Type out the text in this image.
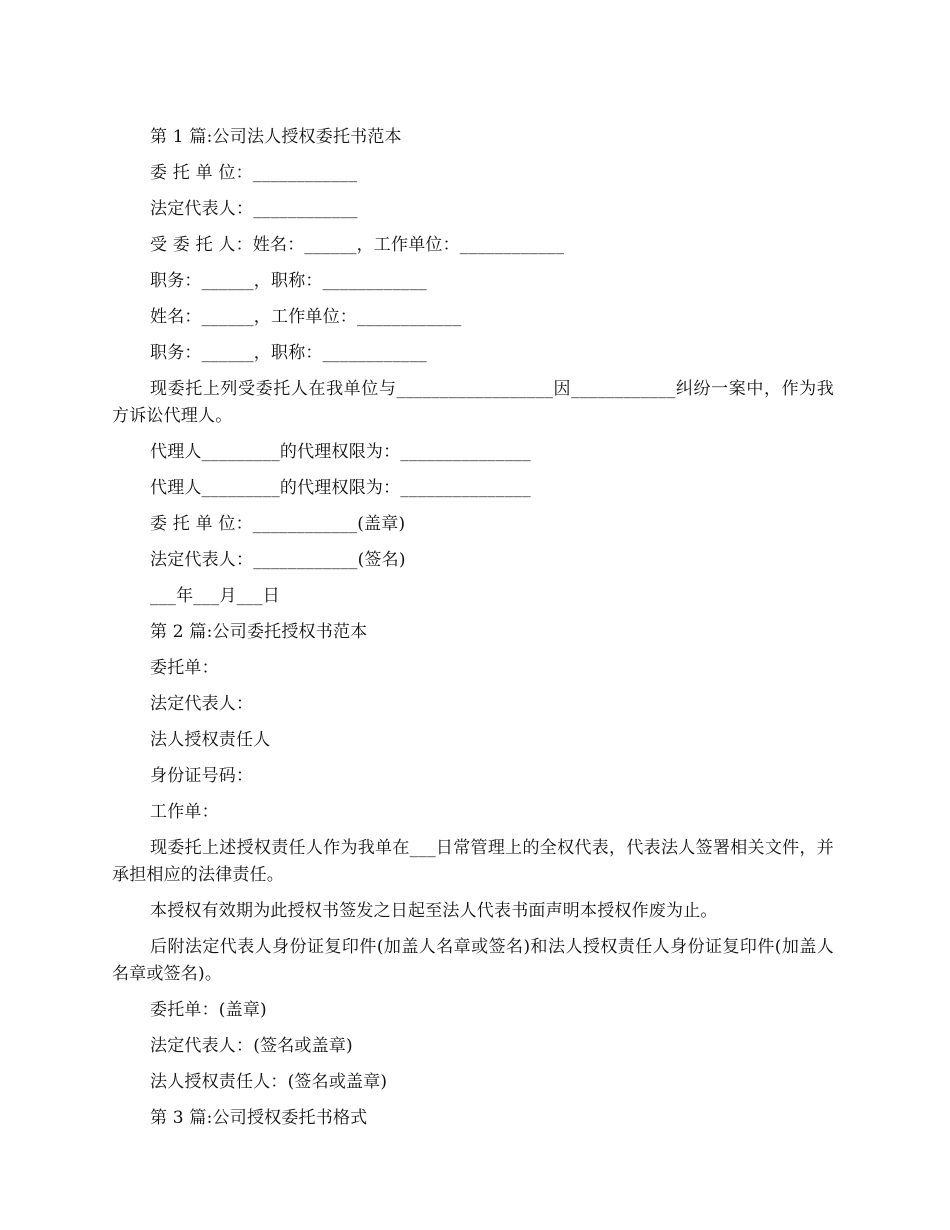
第 1 篇:公司法人授权委托书范本

委 托 单 位：____________

法定代表人：____________

受 委 托 人：姓名：______，工作单位：____________

职务：______，职称：____________

姓名：______，工作单位：____________

职务：______，职称：____________

现委托上列受委托人在我单位与__________________因____________纠纷一案中，作为我方诉讼代理人。

代理人_________的代理权限为：_______________

代理人_________的代理权限为：_______________

委 托 单 位：____________(盖章)

法定代表人：____________(签名)

___年___月___日

第 2 篇:公司委托授权书范本

委托单：

法定代表人：

法人授权责任人

身份证号码：

工作单：

现委托上述授权责任人作为我单在___日常管理上的全权代表，代表法人签署相关文件，并承担相应的法律责任。

本授权有效期为此授权书签发之日起至法人代表书面声明本授权作废为止。

后附法定代表人身份证复印件(加盖人名章或签名)和法人授权责任人身份证复印件(加盖人名章或签名)。

委托单：(盖章)

法定代表人：(签名或盖章)

法人授权责任人：(签名或盖章)

第 3 篇:公司授权委托书格式
